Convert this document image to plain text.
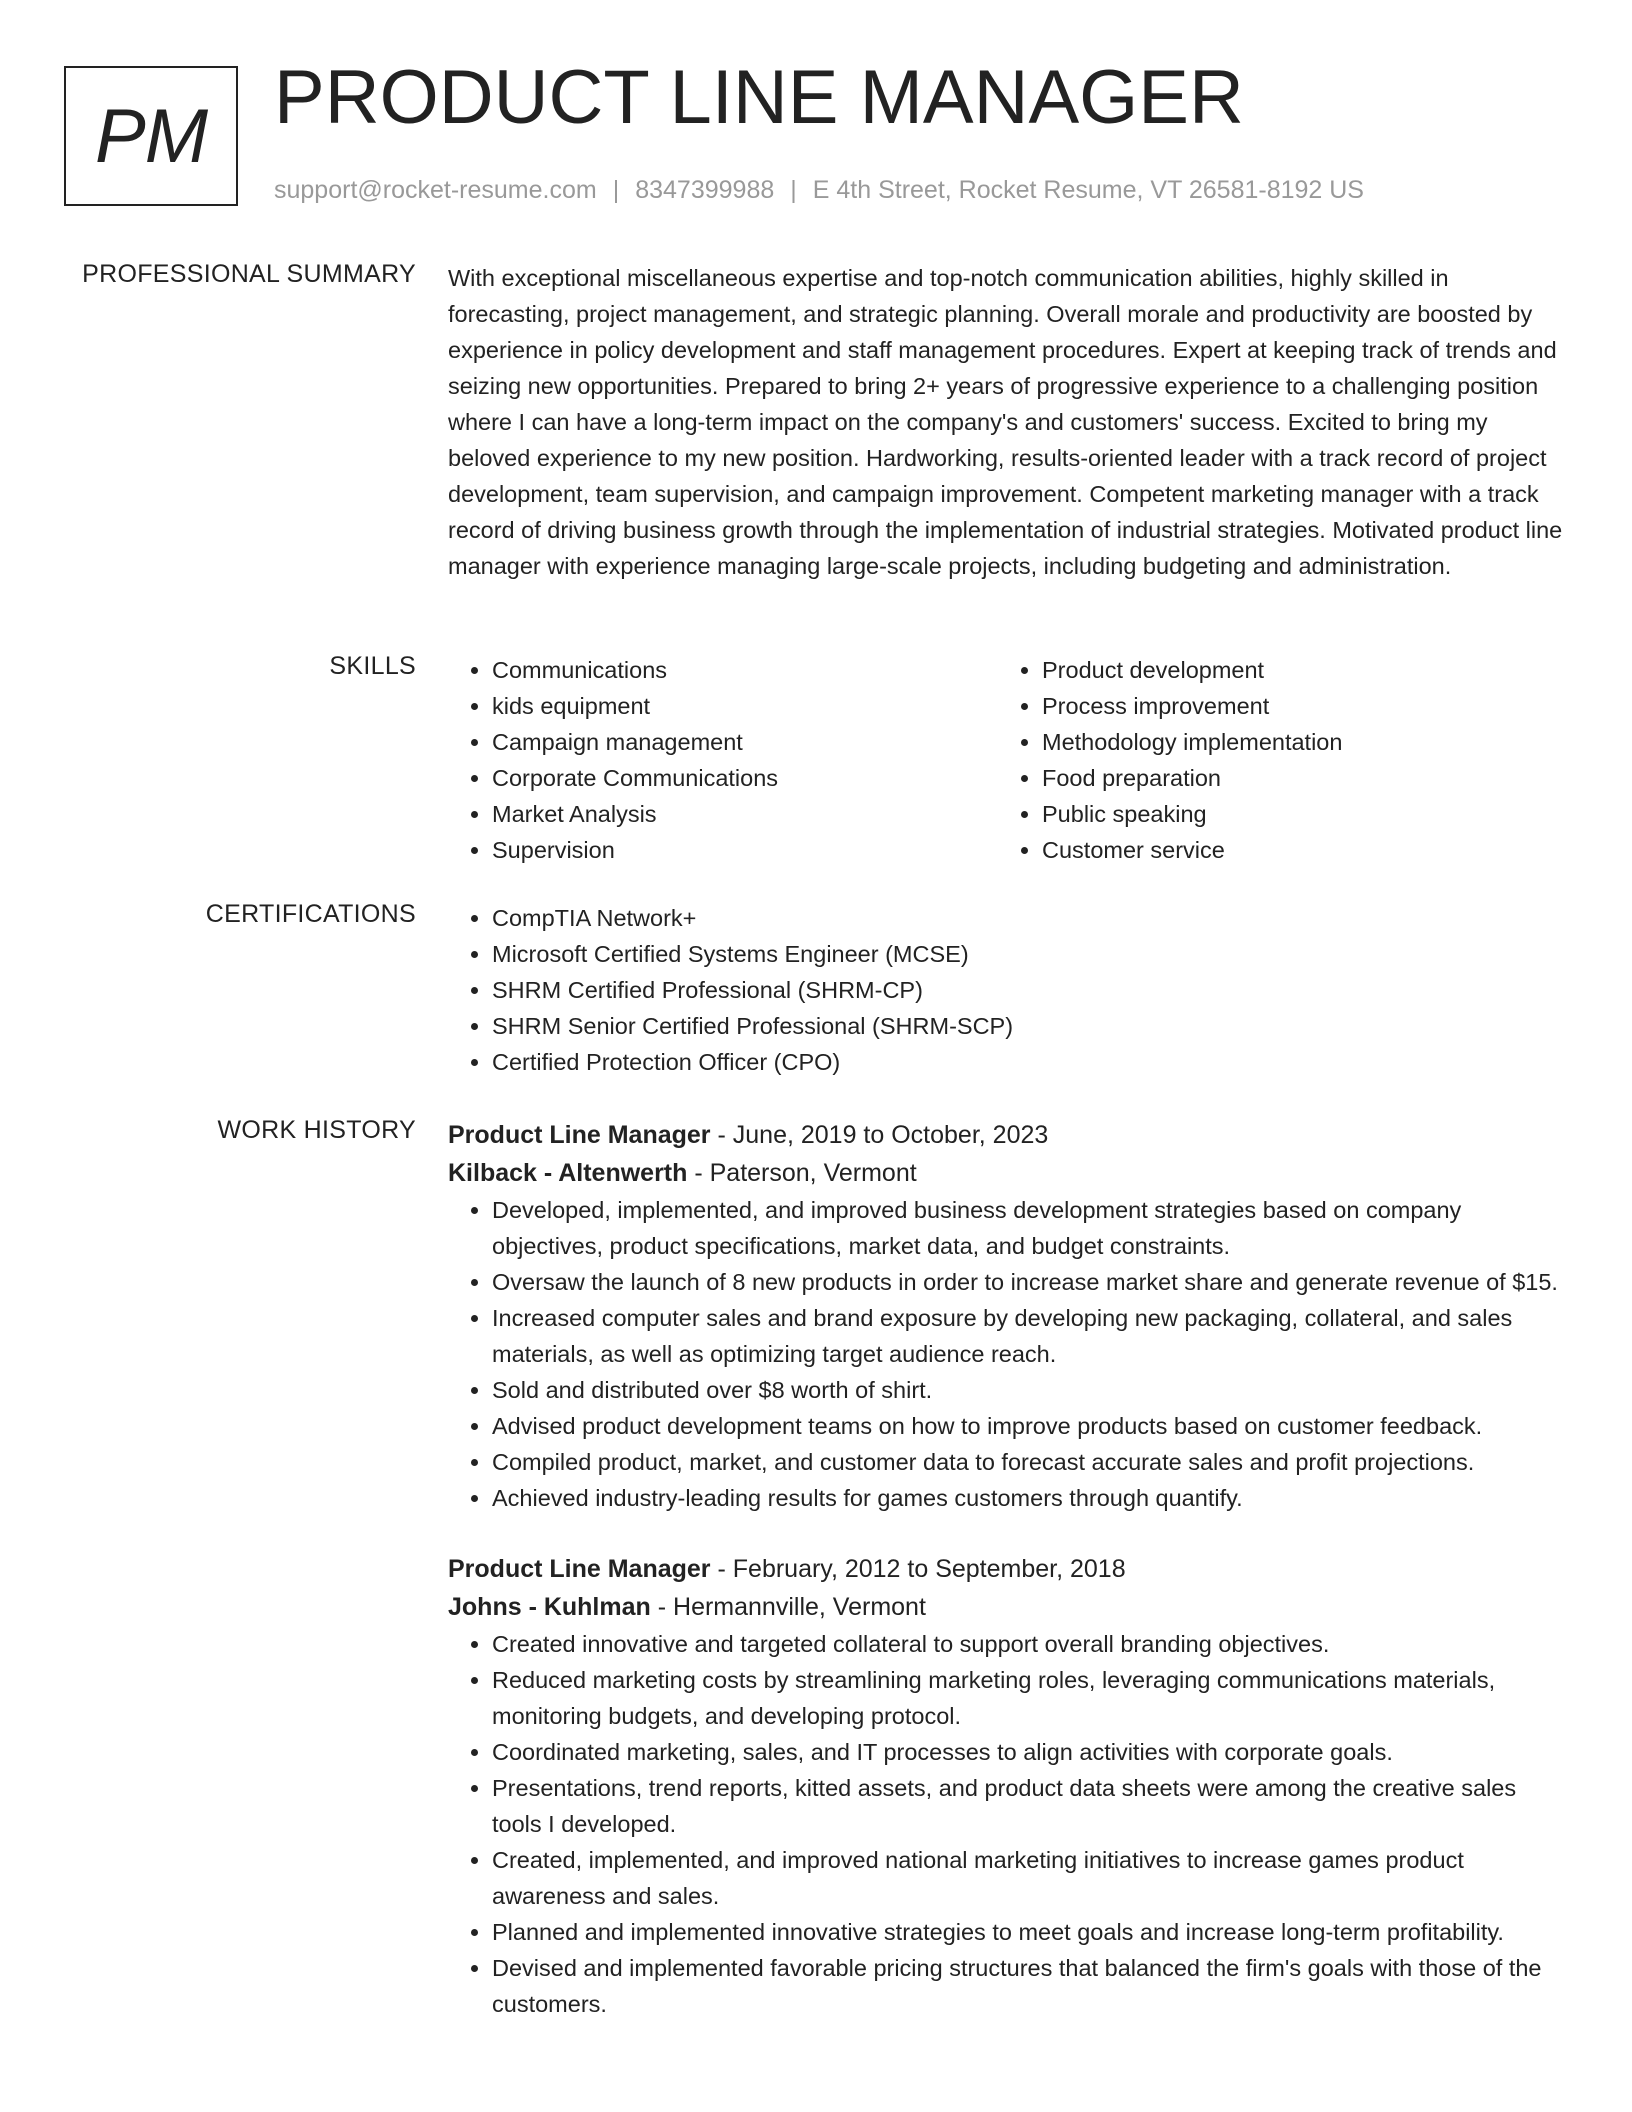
PM PRODUCT LINE MANAGER
support@rocket-resume.com | 8347399988 | E 4th Street, Rocket Resume, VT 26581-8192 US
PROFESSIONAL SUMMARY With exceptional miscellaneous expertise and top-notch communication abilities, highly skilled in forecasting, project management, and strategic planning. Overall morale and productivity are boosted by experience in policy development and staff management procedures. Expert at keeping track of trends and seizing new opportunities. Prepared to bring 2+ years of progressive experience to a challenging position where I can have a long-term impact on the company's and customers' success. Excited to bring my beloved experience to my new position. Hardworking, results-oriented leader with a track record of project development, team supervision, and campaign improvement. Competent marketing manager with a track record of driving business growth through the implementation of industrial strategies. Motivated product line manager with experience managing large-scale projects, including budgeting and administration.

SKILLS	• Communications
• kids equipment
• Campaign management
• Corporate Communications
• Market Analysis
• Supervision
• Product development
• Process improvement
• Methodology implementation
• Food preparation
• Public speaking
• Customer service
CERTIFICATIONS	• CompTIA Network+
• Microsoft Certified Systems Engineer (MCSE)
• SHRM Certified Professional (SHRM-CP)
• SHRM Senior Certified Professional (SHRM-SCP)
• Certified Protection Officer (CPO)
WORK HISTORY Product Line Manager - June, 2019 to October, 2023
Kilback - Altenwerth - Paterson, Vermont
• Developed, implemented, and improved business development strategies based on company objectives, product specifications, market data, and budget constraints.
• Oversaw the launch of 8 new products in order to increase market share and generate revenue of $15.
• Increased computer sales and brand exposure by developing new packaging, collateral, and sales materials, as well as optimizing target audience reach.
• Sold and distributed over $8 worth of shirt.
• Advised product development teams on how to improve products based on customer feedback.
• Compiled product, market, and customer data to forecast accurate sales and profit projections.
• Achieved industry-leading results for games customers through quantify.
Product Line Manager - February, 2012 to September, 2018
Johns - Kuhlman - Hermannville, Vermont
• Created innovative and targeted collateral to support overall branding objectives.
• Reduced marketing costs by streamlining marketing roles, leveraging communications materials, monitoring budgets, and developing protocol.
• Coordinated marketing, sales, and IT processes to align activities with corporate goals.
• Presentations, trend reports, kitted assets, and product data sheets were among the creative sales tools I developed.
• Created, implemented, and improved national marketing initiatives to increase games product awareness and sales.
• Planned and implemented innovative strategies to meet goals and increase long-term profitability.
• Devised and implemented favorable pricing structures that balanced the firm's goals with those of the customers.
